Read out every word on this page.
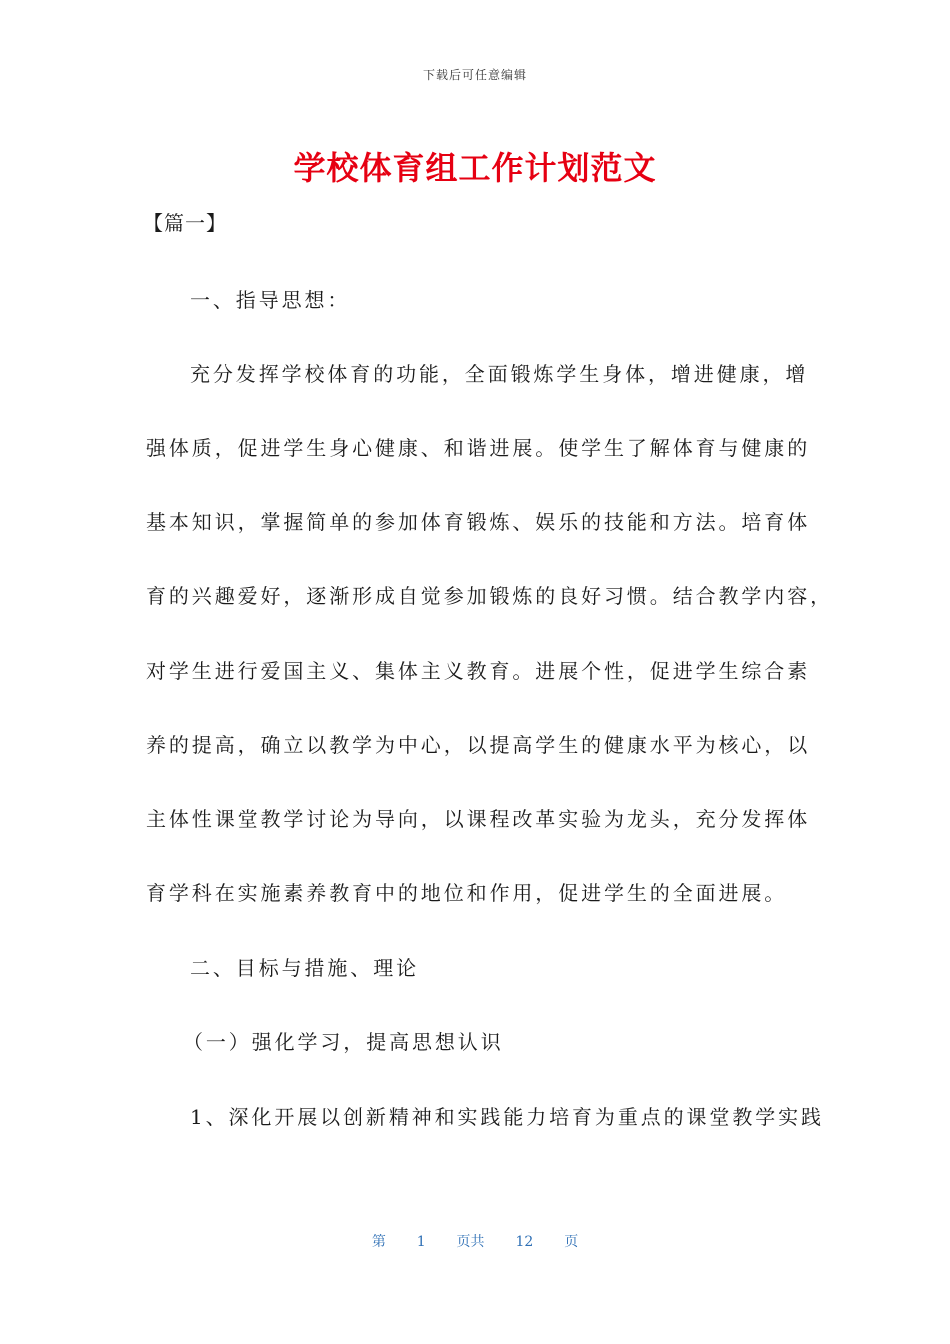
下载后可任意编辑
学校体育组工作计划范文
【篇一】
一、指导思想：
充分发挥学校体育的功能，全面锻炼学生身体，增进健康，增
强体质，促进学生身心健康、和谐进展。使学生了解体育与健康的
基本知识，掌握简单的参加体育锻炼、娱乐的技能和方法。培育体
育的兴趣爱好，逐渐形成自觉参加锻炼的良好习惯。结合教学内容，
对学生进行爱国主义、集体主义教育。进展个性，促进学生综合素
养的提高，确立以教学为中心，以提高学生的健康水平为核心，以
主体性课堂教学讨论为导向，以课程改革实验为龙头，充分发挥体
育学科在实施素养教育中的地位和作用，促进学生的全面进展。
二、目标与措施、理论
（一）强化学习，提高思想认识
1、深化开展以创新精神和实践能力培育为重点的课堂教学实践
第 1 页共 12 页
